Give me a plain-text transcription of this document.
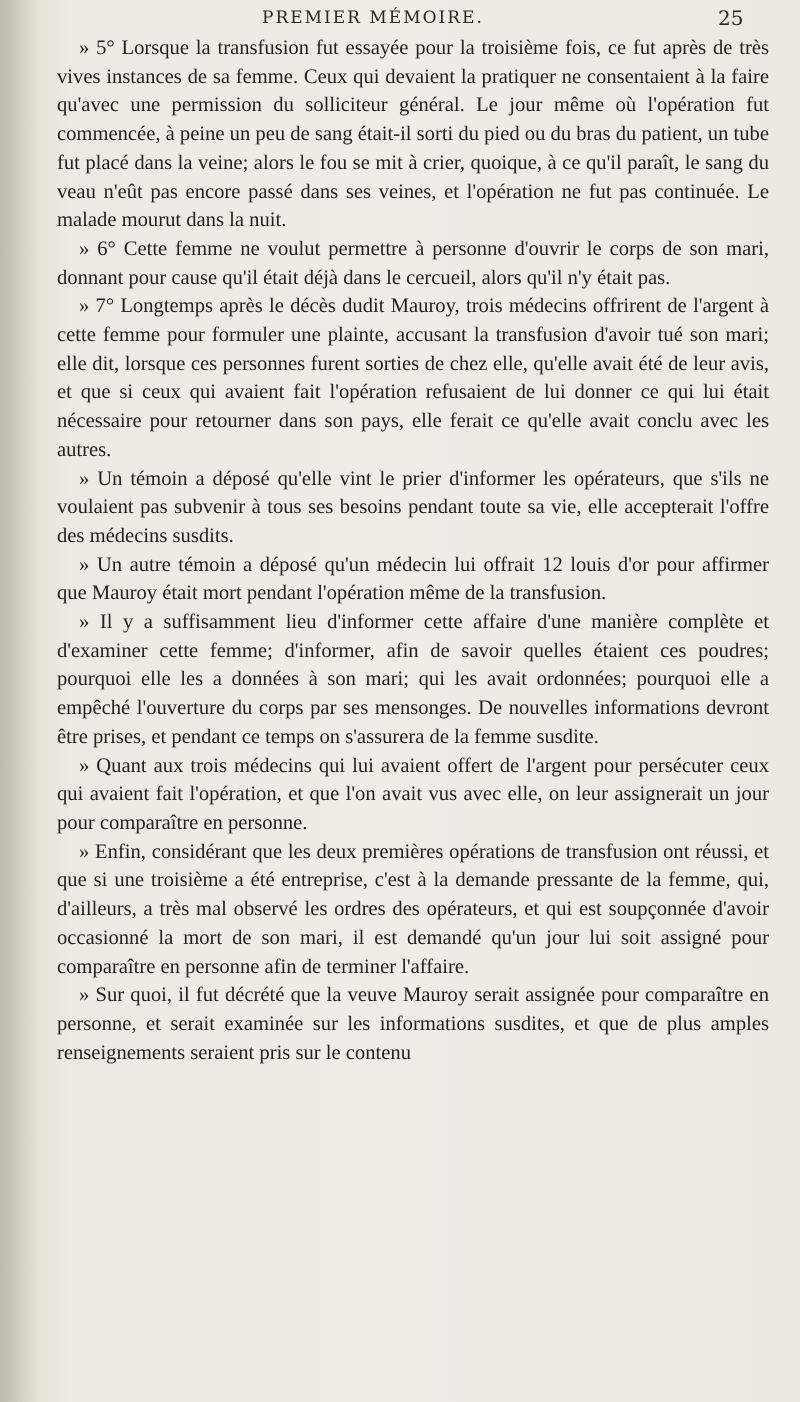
PREMIER MÉMOIRE.	25

» 5° Lorsque la transfusion fut essayée pour la troisième fois, ce fut après de très vives instances de sa femme. Ceux qui devaient la pratiquer ne consentaient à la faire qu'avec une permission du solliciteur général. Le jour même où l'opération fut commencée, à peine un peu de sang était-il sorti du pied ou du bras du patient, un tube fut placé dans la veine; alors le fou se mit à crier, quoique, à ce qu'il paraît, le sang du veau n'eût pas encore passé dans ses veines, et l'opération ne fut pas continuée. Le malade mourut dans la nuit.

» 6° Cette femme ne voulut permettre à personne d'ouvrir le corps de son mari, donnant pour cause qu'il était déjà dans le cercueil, alors qu'il n'y était pas.

» 7° Longtemps après le décès dudit Mauroy, trois médecins offrirent de l'argent à cette femme pour formuler une plainte, accusant la transfusion d'avoir tué son mari; elle dit, lorsque ces personnes furent sorties de chez elle, qu'elle avait été de leur avis, et que si ceux qui avaient fait l'opération refusaient de lui donner ce qui lui était nécessaire pour retourner dans son pays, elle ferait ce qu'elle avait conclu avec les autres.

» Un témoin a déposé qu'elle vint le prier d'informer les opérateurs, que s'ils ne voulaient pas subvenir à tous ses besoins pendant toute sa vie, elle accepterait l'offre des médecins susdits.

» Un autre témoin a déposé qu'un médecin lui offrait 12 louis d'or pour affirmer que Mauroy était mort pendant l'opération même de la transfusion.

» Il y a suffisamment lieu d'informer cette affaire d'une manière complète et d'examiner cette femme; d'informer, afin de savoir quelles étaient ces poudres; pourquoi elle les a données à son mari; qui les avait ordonnées; pourquoi elle a empêché l'ouverture du corps par ses mensonges. De nouvelles informations devront être prises, et pendant ce temps on s'assurera de la femme susdite.

» Quant aux trois médecins qui lui avaient offert de l'argent pour persécuter ceux qui avaient fait l'opération, et que l'on avait vus avec elle, on leur assignerait un jour pour comparaître en personne.

» Enfin, considérant que les deux premières opérations de transfusion ont réussi, et que si une troisième a été entreprise, c'est à la demande pressante de la femme, qui, d'ailleurs, a très mal observé les ordres des opérateurs, et qui est soupçonnée d'avoir occasionné la mort de son mari, il est demandé qu'un jour lui soit assigné pour comparaître en personne afin de terminer l'affaire.

» Sur quoi, il fut décrété que la veuve Mauroy serait assignée pour comparaître en personne, et serait examinée sur les informations susdites, et que de plus amples renseignements seraient pris sur le contenu
